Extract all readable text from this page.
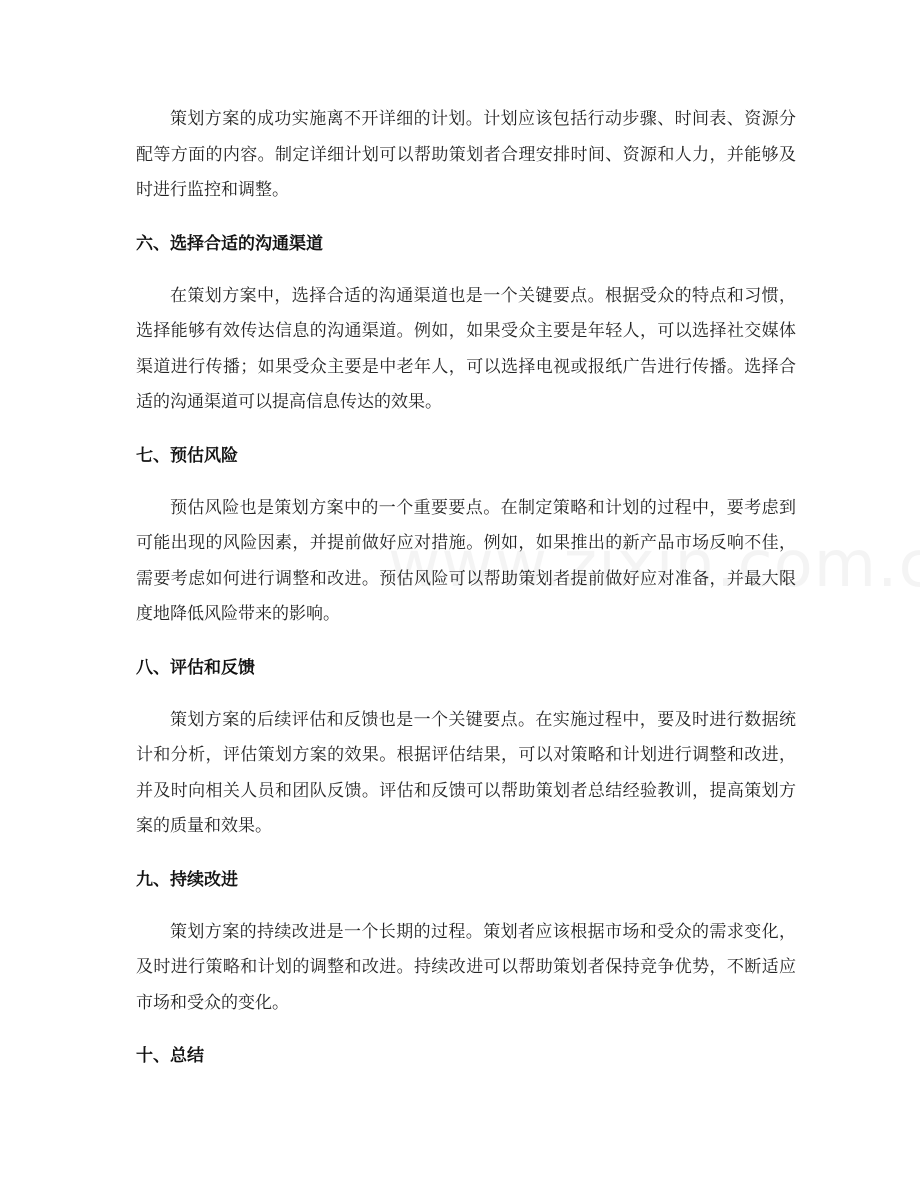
策划方案的成功实施离不开详细的计划。计划应该包括行动步骤、时间表、资源分配等方面的内容。制定详细计划可以帮助策划者合理安排时间、资源和人力，并能够及时进行监控和调整。

六、选择合适的沟通渠道

在策划方案中，选择合适的沟通渠道也是一个关键要点。根据受众的特点和习惯，选择能够有效传达信息的沟通渠道。例如，如果受众主要是年轻人，可以选择社交媒体渠道进行传播；如果受众主要是中老年人，可以选择电视或报纸广告进行传播。选择合适的沟通渠道可以提高信息传达的效果。

七、预估风险

预估风险也是策划方案中的一个重要要点。在制定策略和计划的过程中，要考虑到可能出现的风险因素，并提前做好应对措施。例如，如果推出的新产品市场反响不佳，需要考虑如何进行调整和改进。预估风险可以帮助策划者提前做好应对准备，并最大限度地降低风险带来的影响。

八、评估和反馈

策划方案的后续评估和反馈也是一个关键要点。在实施过程中，要及时进行数据统计和分析，评估策划方案的效果。根据评估结果，可以对策略和计划进行调整和改进，并及时向相关人员和团队反馈。评估和反馈可以帮助策划者总结经验教训，提高策划方案的质量和效果。

九、持续改进

策划方案的持续改进是一个长期的过程。策划者应该根据市场和受众的需求变化，及时进行策略和计划的调整和改进。持续改进可以帮助策划者保持竞争优势，不断适应市场和受众的变化。

十、总结
